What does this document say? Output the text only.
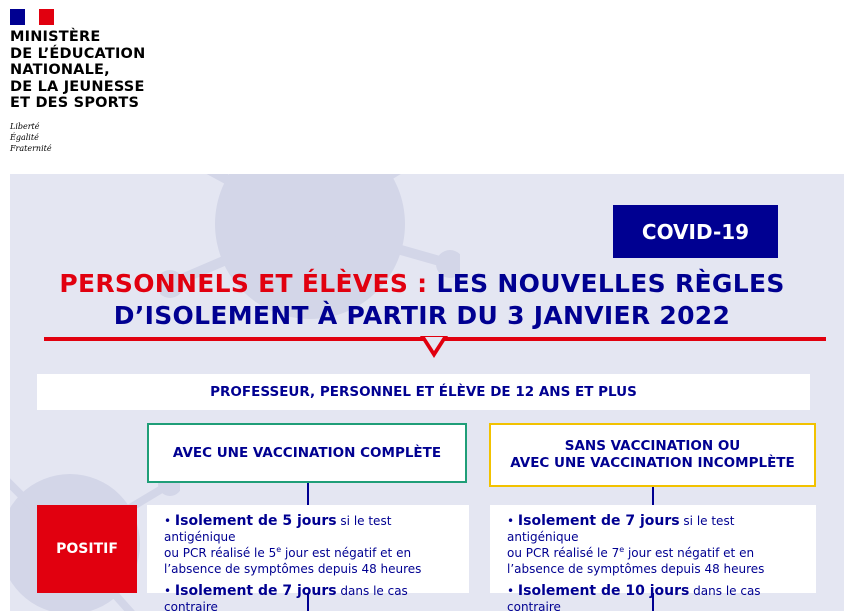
MINISTÈRE
DE L’ÉDUCATION
NATIONALE,
DE LA JEUNESSE
ET DES SPORTS
Liberté
Égalité
Fraternité
COVID-19
PERSONNELS ET ÉLÈVES : LES NOUVELLES RÈGLES
D’ISOLEMENT À PARTIR DU 3 JANVIER 2022
PROFESSEUR, PERSONNEL ET ÉLÈVE DE 12 ANS ET PLUS
AVEC UNE VACCINATION COMPLÈTE	SANS VACCINATION OU
AVEC UNE VACCINATION INCOMPLÈTE
POSITIF

• Isolement de 5 jours si le test antigénique
ou PCR réalisé le 5e jour est négatif et en
l’absence de symptômes depuis 48 heures

• Isolement de 7 jours dans le cas contraire

• Isolement de 7 jours si le test antigénique
ou PCR réalisé le 7e jour est négatif et en
l’absence de symptômes depuis 48 heures

• Isolement de 10 jours dans le cas contraire
